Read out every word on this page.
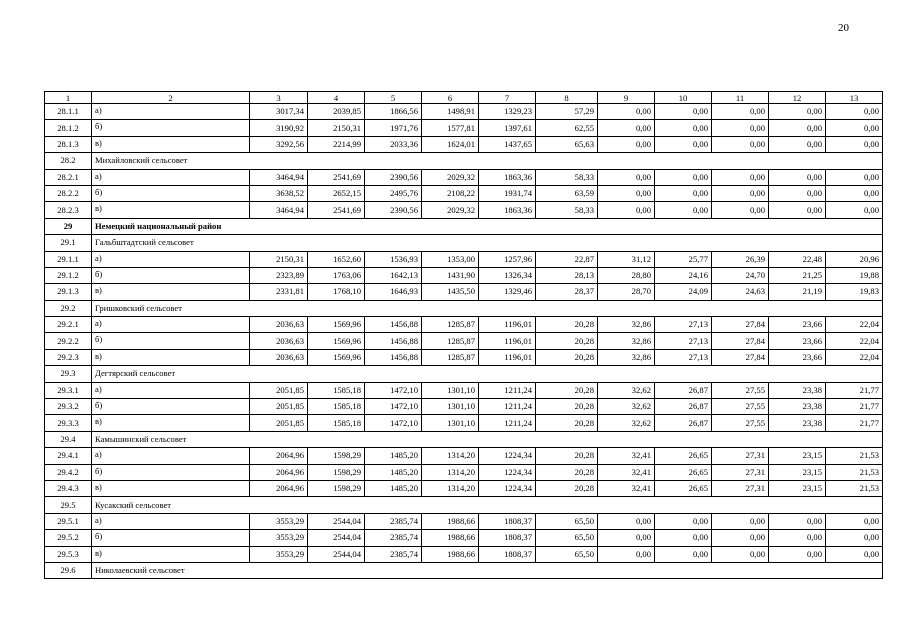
20
1	2	3	4	5	6	7	8	9	10	11	12	13
28.1.1	а)	3017,34	2039,85	1866,56	1498,91	1329,23	57,29	0,00	0,00	0,00	0,00	0,00
28.1.2	б)	3190,92	2150,31	1971,76	1577,81	1397,61	62,55	0,00	0,00	0,00	0,00	0,00
28.1.3	в)	3292,56	2214,99	2033,36	1624,01	1437,65	65,63	0,00	0,00	0,00	0,00	0,00
28.2	Михайловский сельсовет											
28.2.1	а)	3464,94	2541,69	2390,56	2029,32	1863,36	58,33	0,00	0,00	0,00	0,00	0,00
28.2.2	б)	3638,52	2652,15	2495,76	2108,22	1931,74	63,59	0,00	0,00	0,00	0,00	0,00
28.2.3	в)	3464,94	2541,69	2390,56	2029,32	1863,36	58,33	0,00	0,00	0,00	0,00	0,00
29	Немецкий национальный район											
29.1	Гальбштадтский сельсовет											
29.1.1	а)	2150,31	1652,60	1536,93	1353,00	1257,96	22,87	31,12	25,77	26,39	22,48	20,96
29.1.2	б)	2323,89	1763,06	1642,13	1431,90	1326,34	28,13	28,80	24,16	24,70	21,25	19,88
29.1.3	в)	2331,81	1768,10	1646,93	1435,50	1329,46	28,37	28,70	24,09	24,63	21,19	19,83
29.2	Гришковский сельсовет											
29.2.1	а)	2036,63	1569,96	1456,88	1285,87	1196,01	20,28	32,86	27,13	27,84	23,66	22,04
29.2.2	б)	2036,63	1569,96	1456,88	1285,87	1196,01	20,28	32,86	27,13	27,84	23,66	22,04
29.2.3	в)	2036,63	1569,96	1456,88	1285,87	1196,01	20,28	32,86	27,13	27,84	23,66	22,04
29.3	Дегтярский сельсовет											
29.3.1	а)	2051,85	1585,18	1472,10	1301,10	1211,24	20,28	32,62	26,87	27,55	23,38	21,77
29.3.2	б)	2051,85	1585,18	1472,10	1301,10	1211,24	20,28	32,62	26,87	27,55	23,38	21,77
29.3.3	в)	2051,85	1585,18	1472,10	1301,10	1211,24	20,28	32,62	26,87	27,55	23,38	21,77
29.4	Камышинский сельсовет											
29.4.1	а)	2064,96	1598,29	1485,20	1314,20	1224,34	20,28	32,41	26,65	27,31	23,15	21,53
29.4.2	б)	2064,96	1598,29	1485,20	1314,20	1224,34	20,28	32,41	26,65	27,31	23,15	21,53
29.4.3	в)	2064,96	1598,29	1485,20	1314,20	1224,34	20,28	32,41	26,65	27,31	23,15	21,53
29.5	Кусакский сельсовет											
29.5.1	а)	3553,29	2544,04	2385,74	1988,66	1808,37	65,50	0,00	0,00	0,00	0,00	0,00
29.5.2	б)	3553,29	2544,04	2385,74	1988,66	1808,37	65,50	0,00	0,00	0,00	0,00	0,00
29.5.3	в)	3553,29	2544,04	2385,74	1988,66	1808,37	65,50	0,00	0,00	0,00	0,00	0,00
29.6	Николаевский сельсовет											
